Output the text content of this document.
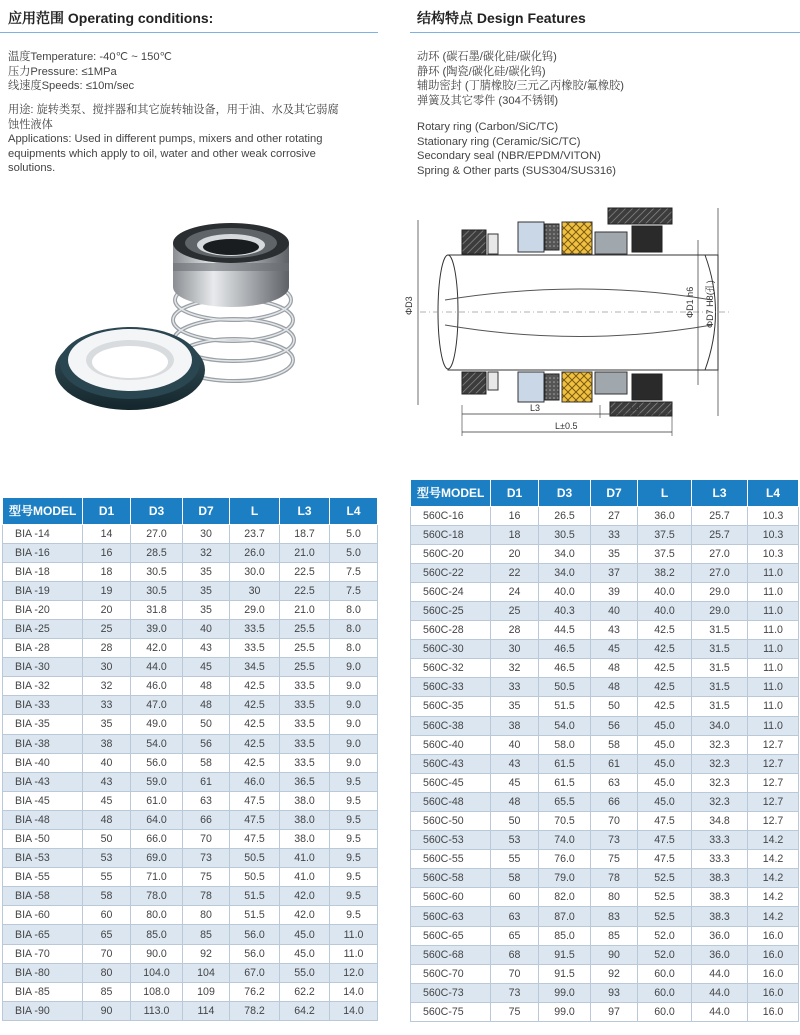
应用范围 Operating conditions:
温度Temperature: -40℃ ~ 150℃
压力Pressure: ≤1MPa
线速度Speeds: ≤10m/sec
用途: 旋转类泵、搅拌器和其它旋转轴设备，用于油、水及其它弱腐
蚀性液体
Applications: Used in different pumps, mixers and other rotating
equipments which apply to oil, water and other weak corrosive
solutions.
结构特点 Design Features
动环 (碳石墨/碳化硅/碳化钨)
静环 (陶瓷/碳化硅/碳化钨)
辅助密封 (丁腈橡胶/三元乙丙橡胶/氟橡胶)
弹簧及其它零件 (304不锈钢)
Rotary ring (Carbon/SiC/TC)
Stationary ring (Ceramic/SiC/TC)
Secondary seal (NBR/EPDM/VITON)
Spring & Other parts (SUS304/SUS316)
ΦD3	ΦD1 h6 ΦD7 H8(孔)
L3	L4
L±0.5
型号MODEL	D1	D3	D7	L	L3	L4
BIA -14	14	27.0	30	23.7	18.7	5.0
BIA -16	16	28.5	32	26.0	21.0	5.0
BIA -18	18	30.5	35	30.0	22.5	7.5
BIA -19	19	30.5	35	30	22.5	7.5
BIA -20	20	31.8	35	29.0	21.0	8.0
BIA -25	25	39.0	40	33.5	25.5	8.0
BIA -28	28	42.0	43	33.5	25.5	8.0
BIA -30	30	44.0	45	34.5	25.5	9.0
BIA -32	32	46.0	48	42.5	33.5	9.0
BIA -33	33	47.0	48	42.5	33.5	9.0
BIA -35	35	49.0	50	42.5	33.5	9.0
BIA -38	38	54.0	56	42.5	33.5	9.0
BIA -40	40	56.0	58	42.5	33.5	9.0
BIA -43	43	59.0	61	46.0	36.5	9.5
BIA -45	45	61.0	63	47.5	38.0	9.5
BIA -48	48	64.0	66	47.5	38.0	9.5
BIA -50	50	66.0	70	47.5	38.0	9.5
BIA -53	53	69.0	73	50.5	41.0	9.5
BIA -55	55	71.0	75	50.5	41.0	9.5
BIA -58	58	78.0	78	51.5	42.0	9.5
BIA -60	60	80.0	80	51.5	42.0	9.5
BIA -65	65	85.0	85	56.0	45.0	11.0
BIA -70	70	90.0	92	56.0	45.0	11.0
BIA -80	80	104.0	104	67.0	55.0	12.0
BIA -85	85	108.0	109	76.2	62.2	14.0
BIA -90	90	113.0	114	78.2	64.2	14.0
型号MODEL	D1	D3	D7	L	L3	L4
560C-16	16	26.5	27	36.0	25.7	10.3
560C-18	18	30.5	33	37.5	25.7	10.3
560C-20	20	34.0	35	37.5	27.0	10.3
560C-22	22	34.0	37	38.2	27.0	11.0
560C-24	24	40.0	39	40.0	29.0	11.0
560C-25	25	40.3	40	40.0	29.0	11.0
560C-28	28	44.5	43	42.5	31.5	11.0
560C-30	30	46.5	45	42.5	31.5	11.0
560C-32	32	46.5	48	42.5	31.5	11.0
560C-33	33	50.5	48	42.5	31.5	11.0
560C-35	35	51.5	50	42.5	31.5	11.0
560C-38	38	54.0	56	45.0	34.0	11.0
560C-40	40	58.0	58	45.0	32.3	12.7
560C-43	43	61.5	61	45.0	32.3	12.7
560C-45	45	61.5	63	45.0	32.3	12.7
560C-48	48	65.5	66	45.0	32.3	12.7
560C-50	50	70.5	70	47.5	34.8	12.7
560C-53	53	74.0	73	47.5	33.3	14.2
560C-55	55	76.0	75	47.5	33.3	14.2
560C-58	58	79.0	78	52.5	38.3	14.2
560C-60	60	82.0	80	52.5	38.3	14.2
560C-63	63	87.0	83	52.5	38.3	14.2
560C-65	65	85.0	85	52.0	36.0	16.0
560C-68	68	91.5	90	52.0	36.0	16.0
560C-70	70	91.5	92	60.0	44.0	16.0
560C-73	73	99.0	93	60.0	44.0	16.0
560C-75	75	99.0	97	60.0	44.0	16.0
